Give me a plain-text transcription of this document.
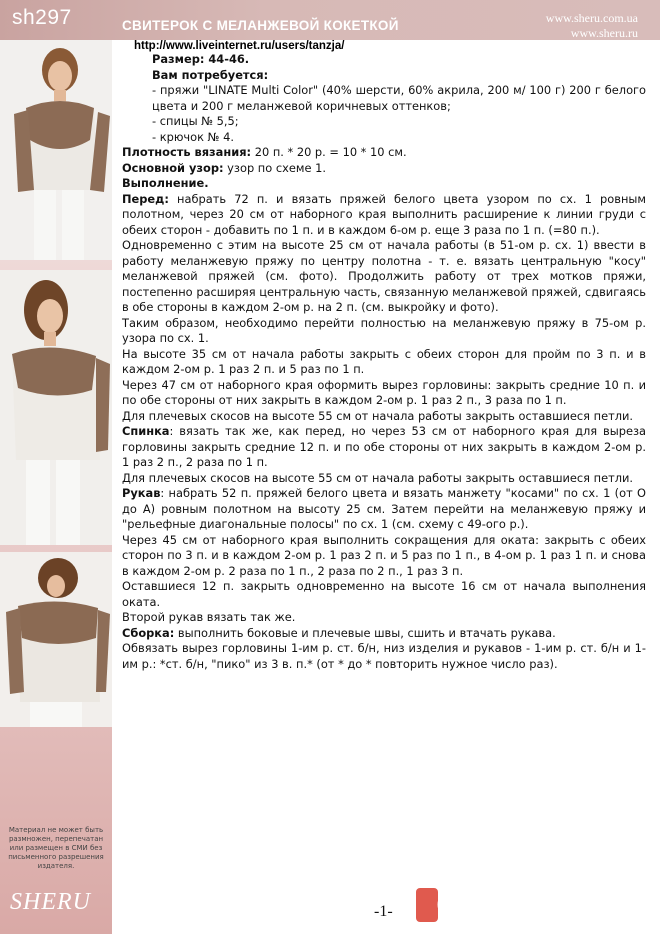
sh297	СВИТЕРОК С МЕЛАНЖЕВОЙ КОКЕТКОЙ	www.sheru.com.ua
www.sheru.ru
http://www.liveinternet.ru/users/tanzja/
Материал не может быть размножен, перепечатан или размещен в СМИ без письменного разрешения издателя.
SHERU

Размер: 44-46.

Вам потребуется:

- пряжи "LINATE Multi Color" (40% шерсти, 60% акрила, 200 м/ 100 г) 200 г белого цвета и 200 г меланжевой коричневых оттенков;

- спицы № 5,5;

- крючок № 4.

Плотность вязания: 20 п. * 20 р. = 10 * 10 см.

Основной узор: узор по схеме 1.

Выполнение.

Перед: набрать 72 п. и вязать пряжей белого цвета узором по сх. 1 ровным полотном, через 20 см от наборного края выполнить расширение к линии груди с обеих сторон - добавить по 1 п. и в каждом 6-ом р. еще 3 раза по 1 п. (=80 п.).

Одновременно с этим на высоте 25 см от начала работы (в 51-ом р. сх. 1) ввести в работу меланжевую пряжу по центру полотна - т. е. вязать центральную "косу" меланжевой пряжей (см. фото). Продолжить работу от трех мотков пряжи, постепенно расширяя центральную часть, связанную меланжевой пряжей, сдвигаясь в обе стороны в каждом 2-ом р. на 2 п. (см. выкройку и фото).

Таким образом, необходимо перейти полностью на меланжевую пряжу в 75-ом р. узора по сх. 1.

На высоте 35 см от начала работы закрыть с обеих сторон для пройм по 3 п. и в каждом 2-ом р. 1 раз 2 п. и 5 раз по 1 п.

Через 47 см от наборного края оформить вырез горловины: закрыть средние 10 п. и по обе стороны от них закрыть в каждом 2-ом р. 1 раз 2 п., 3 раза по 1 п.

Для плечевых скосов на высоте 55 см от начала работы закрыть оставшиеся петли.

Спинка: вязать так же, как перед, но через 53 см от наборного края для выреза горловины закрыть средние 12 п. и по обе стороны от них закрыть в каждом 2-ом р. 1 раз 2 п., 2 раза по 1 п.

Для плечевых скосов на высоте 55 см от начала работы закрыть оставшиеся петли.

Рукав: набрать 52 п. пряжей белого цвета и вязать манжету "косами" по сх. 1 (от О до А) ровным полотном на высоту 25 см. Затем перейти на меланжевую пряжу и "рельефные диагональные полосы" по сх. 1 (см. схему с 49-ого р.).

Через 45 см от наборного края выполнить сокращения для оката: закрыть с обеих сторон по 3 п. и в каждом 2-ом р. 1 раз 2 п. и 5 раз по 1 п., в 4-ом р. 1 раз 1 п. и снова в каждом 2-ом р. 2 раза по 1 п., 2 раза по 2 п., 1 раз 3 п.

Оставшиеся 12 п. закрыть одновременно на высоте 16 см от начала выполнения оката.

Второй рукав вязать так же.

Сборка: выполнить боковые и плечевые швы, сшить и втачать рукава.

Обвязать вырез горловины 1-им р. ст. б/н, низ изделия и рукавов - 1-им р. ст. б/н и 1-им р.: *ст. б/н, "пико" из 3 в. п.* (от * до * повторить нужное число раз).

-1- ostila.ru
